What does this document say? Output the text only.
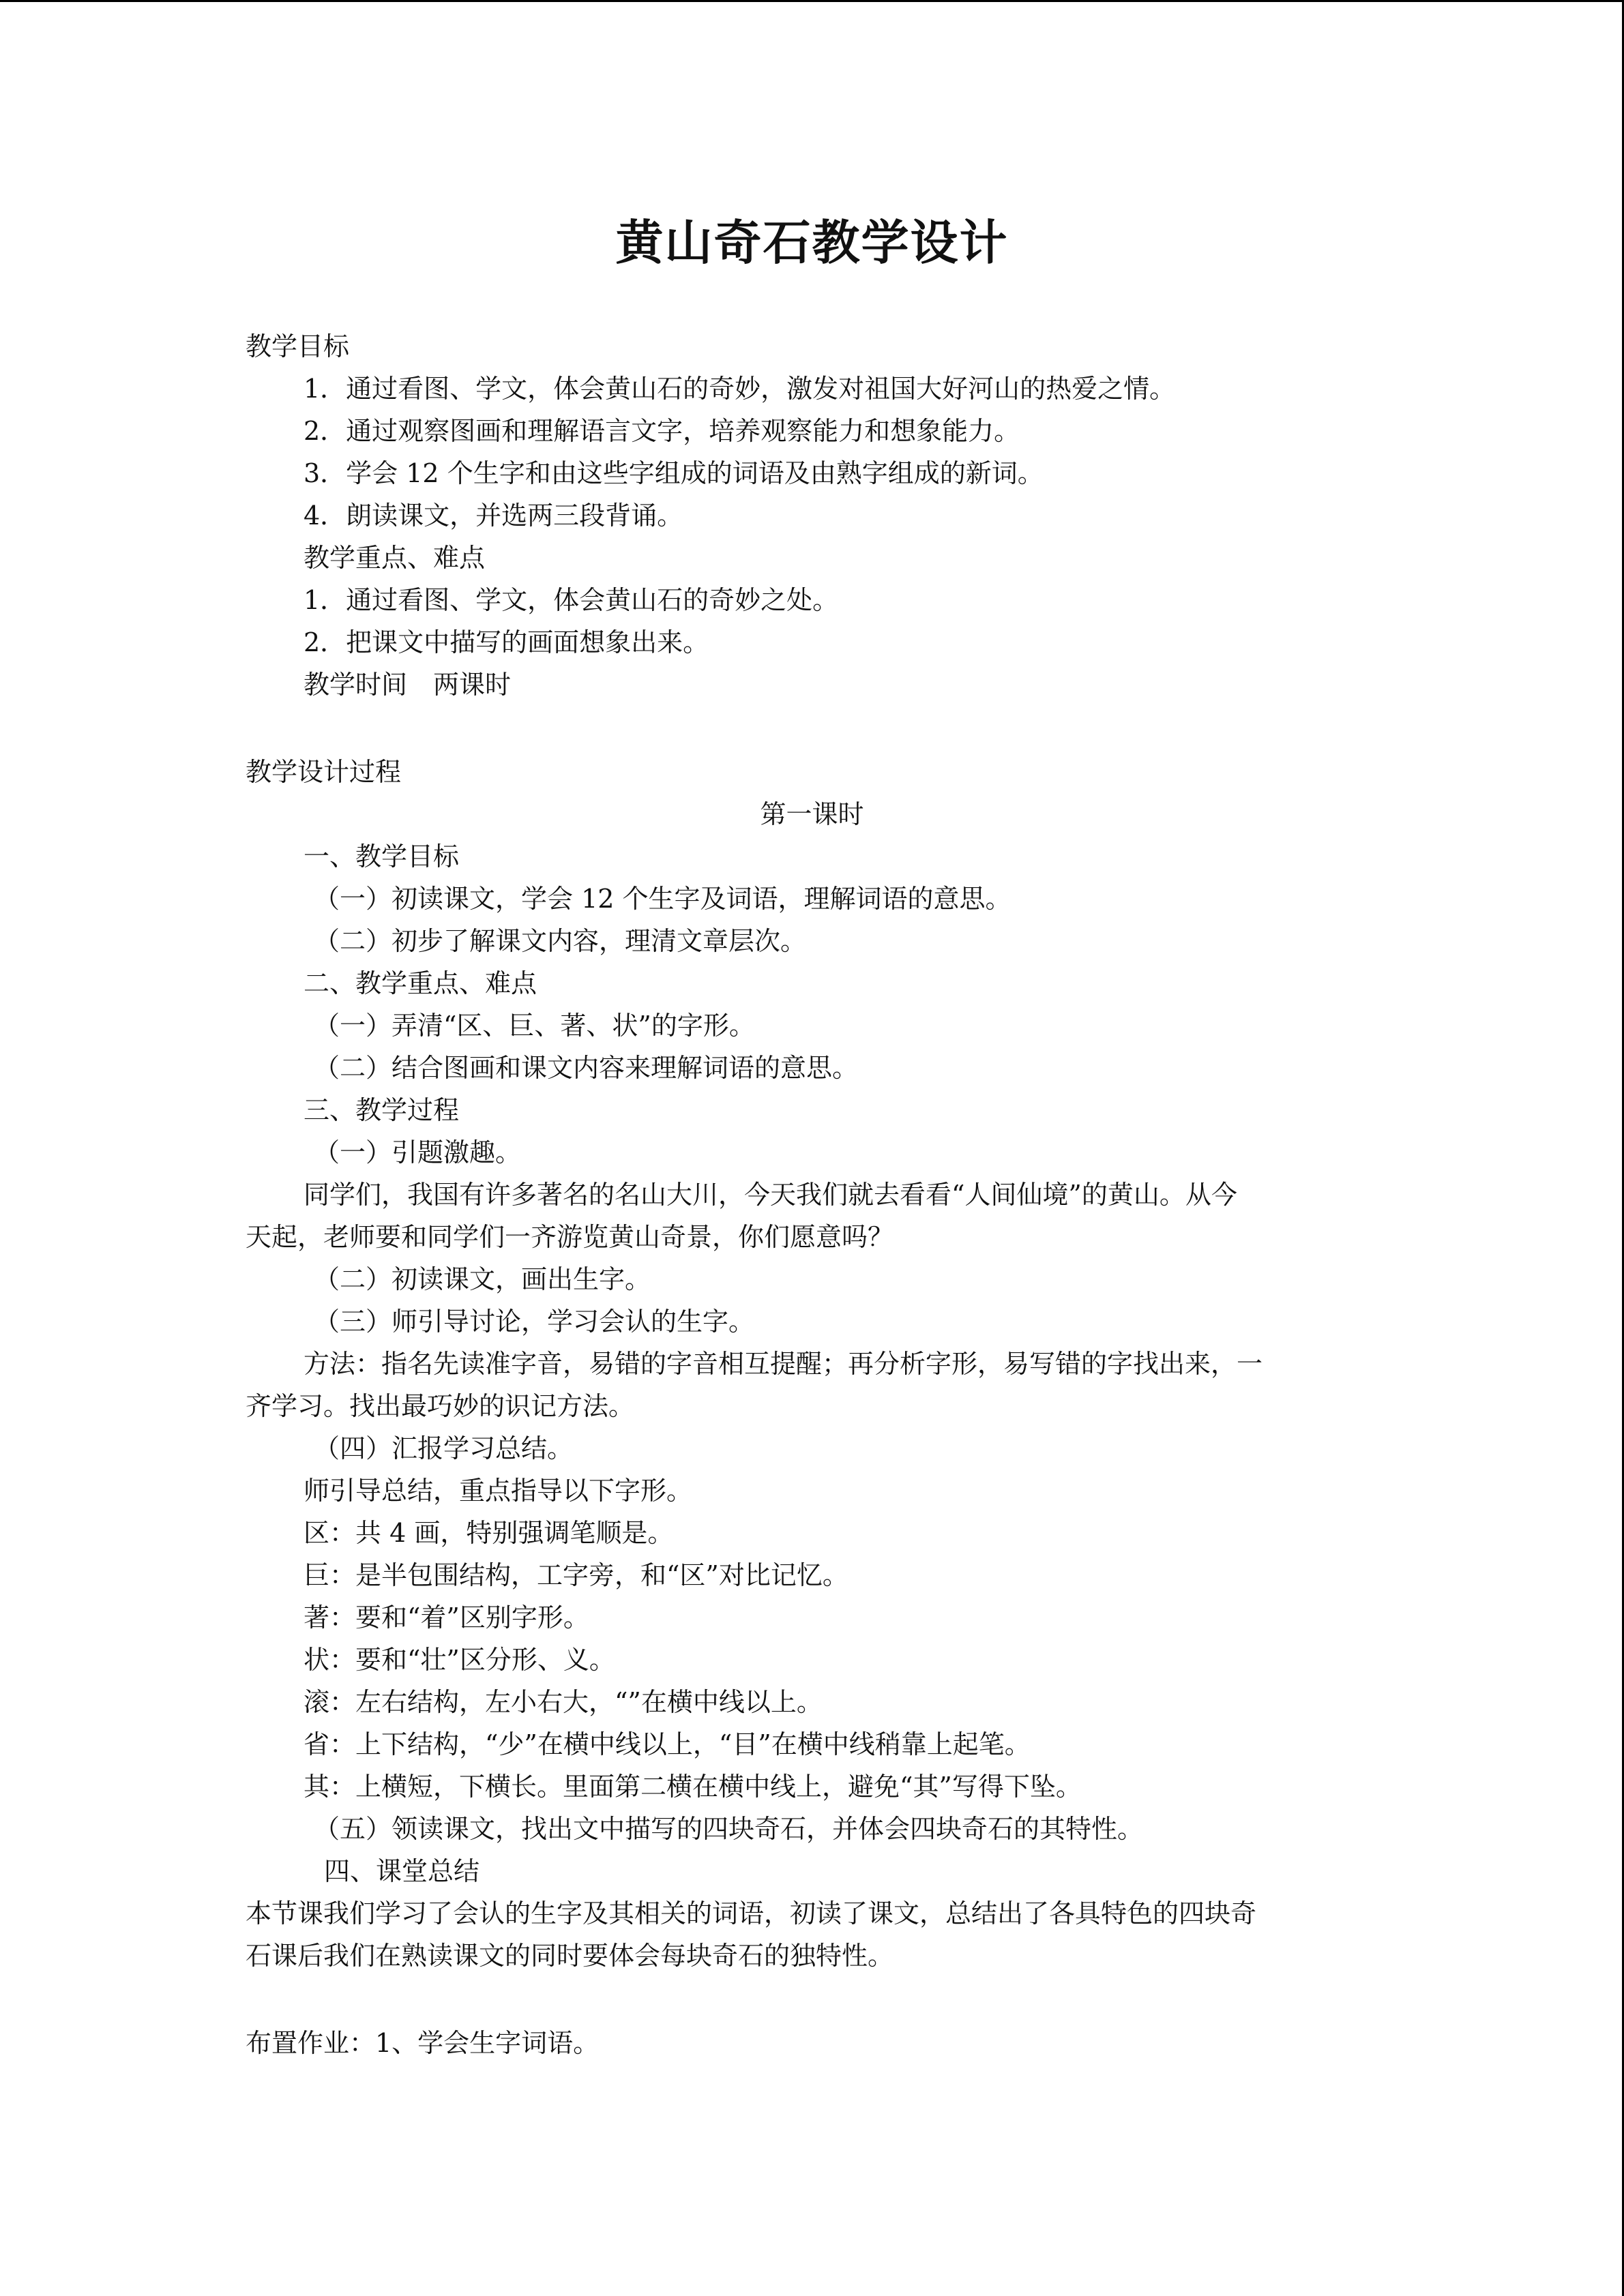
黄山奇石教学设计
教学目标
1．通过看图、学文，体会黄山石的奇妙，激发对祖国大好河山的热爱之情。
2．通过观察图画和理解语言文字，培养观察能力和想象能力。
3．学会 12 个生字和由这些字组成的词语及由熟字组成的新词。
4．朗读课文，并选两三段背诵。
教学重点、难点
1．通过看图、学文，体会黄山石的奇妙之处。
2．把课文中描写的画面想象出来。
教学时间　两课时
教学设计过程
第一课时
一、教学目标
（一）初读课文，学会 12 个生字及词语，理解词语的意思。
（二）初步了解课文内容，理清文章层次。
二、教学重点、难点
（一）弄清“区、巨、著、状”的字形。
（二）结合图画和课文内容来理解词语的意思。
三、教学过程
（一）引题激趣。
同学们，我国有许多著名的名山大川，今天我们就去看看“人间仙境”的黄山。从今
天起，老师要和同学们一齐游览黄山奇景，你们愿意吗？
（二）初读课文，画出生字。
（三）师引导讨论，学习会认的生字。
方法：指名先读准字音，易错的字音相互提醒；再分析字形，易写错的字找出来，一
齐学习。找出最巧妙的识记方法。
（四）汇报学习总结。
师引导总结，重点指导以下字形。
区：共 4 画，特别强调笔顺是。
巨：是半包围结构，工字旁，和“区”对比记忆。
著：要和“着”区别字形。
状：要和“壮”区分形、义。
滚：左右结构，左小右大，“”在横中线以上。
省：上下结构，“少”在横中线以上，“目”在横中线稍靠上起笔。
其：上横短，下横长。里面第二横在横中线上，避免“其”写得下坠。
（五）领读课文，找出文中描写的四块奇石，并体会四块奇石的其特性。
四、课堂总结
本节课我们学习了会认的生字及其相关的词语，初读了课文，总结出了各具特色的四块奇
石课后我们在熟读课文的同时要体会每块奇石的独特性。
布置作业：1、学会生字词语。
